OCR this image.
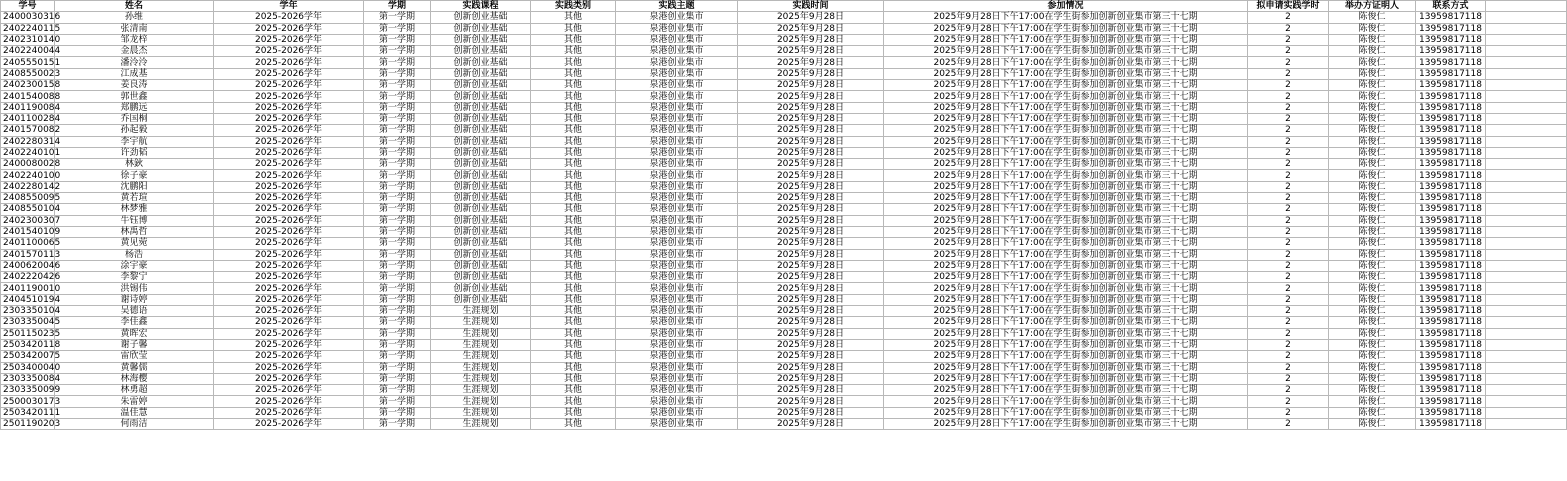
学号	姓名	学年	学期	实践课程	实践类别	实践主题	实践时间	参加情况	拟申请实践学时	举办方证明人	联系方式	
2400030316	孙维	2025-2026学年	第一学期	创新创业基础	其他	泉港创业集市	2025年9月28日	2025年9月28日下午17:00在学生街参加创新创业集市第三十七期	2	陈俊仁	13959817118	
2402240115	张清南	2025-2026学年	第一学期	创新创业基础	其他	泉港创业集市	2025年9月28日	2025年9月28日下午17:00在学生街参加创新创业集市第三十七期	2	陈俊仁	13959817118	
2402310140	邹龙梓	2025-2026学年	第一学期	创新创业基础	其他	泉港创业集市	2025年9月28日	2025年9月28日下午17:00在学生街参加创新创业集市第三十七期	2	陈俊仁	13959817118	
2402240044	金晨杰	2025-2026学年	第一学期	创新创业基础	其他	泉港创业集市	2025年9月28日	2025年9月28日下午17:00在学生街参加创新创业集市第三十七期	2	陈俊仁	13959817118	
2405550151	潘泠泠	2025-2026学年	第一学期	创新创业基础	其他	泉港创业集市	2025年9月28日	2025年9月28日下午17:00在学生街参加创新创业集市第三十七期	2	陈俊仁	13959817118	
2408550023	江成基	2025-2026学年	第一学期	创新创业基础	其他	泉港创业集市	2025年9月28日	2025年9月28日下午17:00在学生街参加创新创业集市第三十七期	2	陈俊仁	13959817118	
2402300158	姜良涛	2025-2026学年	第一学期	创新创业基础	其他	泉港创业集市	2025年9月28日	2025年9月28日下午17:00在学生街参加创新创业集市第三十七期	2	陈俊仁	13959817118	
2401540088	郭世鑫	2025-2026学年	第一学期	创新创业基础	其他	泉港创业集市	2025年9月28日	2025年9月28日下午17:00在学生街参加创新创业集市第三十七期	2	陈俊仁	13959817118	
2401190084	郑鹏远	2025-2026学年	第一学期	创新创业基础	其他	泉港创业集市	2025年9月28日	2025年9月28日下午17:00在学生街参加创新创业集市第三十七期	2	陈俊仁	13959817118	
2401100284	乔国桐	2025-2026学年	第一学期	创新创业基础	其他	泉港创业集市	2025年9月28日	2025年9月28日下午17:00在学生街参加创新创业集市第三十七期	2	陈俊仁	13959817118	
2401570082	孙起毅	2025-2026学年	第一学期	创新创业基础	其他	泉港创业集市	2025年9月28日	2025年9月28日下午17:00在学生街参加创新创业集市第三十七期	2	陈俊仁	13959817118	
2402280314	李宇航	2025-2026学年	第一学期	创新创业基础	其他	泉港创业集市	2025年9月28日	2025年9月28日下午17:00在学生街参加创新创业集市第三十七期	2	陈俊仁	13959817118	
2402240101	许劲韬	2025-2026学年	第一学期	创新创业基础	其他	泉港创业集市	2025年9月28日	2025年9月28日下午17:00在学生街参加创新创业集市第三十七期	2	陈俊仁	13959817118	
2400080028	林鈥	2025-2026学年	第一学期	创新创业基础	其他	泉港创业集市	2025年9月28日	2025年9月28日下午17:00在学生街参加创新创业集市第三十七期	2	陈俊仁	13959817118	
2402240100	徐子豪	2025-2026学年	第一学期	创新创业基础	其他	泉港创业集市	2025年9月28日	2025年9月28日下午17:00在学生街参加创新创业集市第三十七期	2	陈俊仁	13959817118	
2402280142	沈鹏阳	2025-2026学年	第一学期	创新创业基础	其他	泉港创业集市	2025年9月28日	2025年9月28日下午17:00在学生街参加创新创业集市第三十七期	2	陈俊仁	13959817118	
2408550095	黄若瑄	2025-2026学年	第一学期	创新创业基础	其他	泉港创业集市	2025年9月28日	2025年9月28日下午17:00在学生街参加创新创业集市第三十七期	2	陈俊仁	13959817118	
2408550104	林梦雅	2025-2026学年	第一学期	创新创业基础	其他	泉港创业集市	2025年9月28日	2025年9月28日下午17:00在学生街参加创新创业集市第三十七期	2	陈俊仁	13959817118	
2402300307	牛钰博	2025-2026学年	第一学期	创新创业基础	其他	泉港创业集市	2025年9月28日	2025年9月28日下午17:00在学生街参加创新创业集市第三十七期	2	陈俊仁	13959817118	
2401540109	林禹哲	2025-2026学年	第一学期	创新创业基础	其他	泉港创业集市	2025年9月28日	2025年9月28日下午17:00在学生街参加创新创业集市第三十七期	2	陈俊仁	13959817118	
2401100065	黄见菀	2025-2026学年	第一学期	创新创业基础	其他	泉港创业集市	2025年9月28日	2025年9月28日下午17:00在学生街参加创新创业集市第三十七期	2	陈俊仁	13959817118	
2401570113	杨浩	2025-2026学年	第一学期	创新创业基础	其他	泉港创业集市	2025年9月28日	2025年9月28日下午17:00在学生街参加创新创业集市第三十七期	2	陈俊仁	13959817118	
2400620046	涂宇豪	2025-2026学年	第一学期	创新创业基础	其他	泉港创业集市	2025年9月28日	2025年9月28日下午17:00在学生街参加创新创业集市第三十七期	2	陈俊仁	13959817118	
2402220426	李黎宁	2025-2026学年	第一学期	创新创业基础	其他	泉港创业集市	2025年9月28日	2025年9月28日下午17:00在学生街参加创新创业集市第三十七期	2	陈俊仁	13959817118	
2401190010	洪锡伟	2025-2026学年	第一学期	创新创业基础	其他	泉港创业集市	2025年9月28日	2025年9月28日下午17:00在学生街参加创新创业集市第三十七期	2	陈俊仁	13959817118	
2404510194	谢诗婷	2025-2026学年	第一学期	创新创业基础	其他	泉港创业集市	2025年9月28日	2025年9月28日下午17:00在学生街参加创新创业集市第三十七期	2	陈俊仁	13959817118	
2303350104	吴德语	2025-2026学年	第一学期	生涯规划	其他	泉港创业集市	2025年9月28日	2025年9月28日下午17:00在学生街参加创新创业集市第三十七期	2	陈俊仁	13959817118	
2303350045	李佳鑫	2025-2026学年	第一学期	生涯规划	其他	泉港创业集市	2025年9月28日	2025年9月28日下午17:00在学生街参加创新创业集市第三十七期	2	陈俊仁	13959817118	
2501150235	黄晖宏	2025-2026学年	第一学期	生涯规划	其他	泉港创业集市	2025年9月28日	2025年9月28日下午17:00在学生街参加创新创业集市第三十七期	2	陈俊仁	13959817118	
2503420118	谢子馨	2025-2026学年	第一学期	生涯规划	其他	泉港创业集市	2025年9月28日	2025年9月28日下午17:00在学生街参加创新创业集市第三十七期	2	陈俊仁	13959817118	
2503420075	雷欣莹	2025-2026学年	第一学期	生涯规划	其他	泉港创业集市	2025年9月28日	2025年9月28日下午17:00在学生街参加创新创业集市第三十七期	2	陈俊仁	13959817118	
2503400040	黄馨儒	2025-2026学年	第一学期	生涯规划	其他	泉港创业集市	2025年9月28日	2025年9月28日下午17:00在学生街参加创新创业集市第三十七期	2	陈俊仁	13959817118	
2303350084	林海樱	2025-2026学年	第一学期	生涯规划	其他	泉港创业集市	2025年9月28日	2025年9月28日下午17:00在学生街参加创新创业集市第三十七期	2	陈俊仁	13959817118	
2303350099	林勇超	2025-2026学年	第一学期	生涯规划	其他	泉港创业集市	2025年9月28日	2025年9月28日下午17:00在学生街参加创新创业集市第三十七期	2	陈俊仁	13959817118	
2500030173	朱雷婷	2025-2026学年	第一学期	生涯规划	其他	泉港创业集市	2025年9月28日	2025年9月28日下午17:00在学生街参加创新创业集市第三十七期	2	陈俊仁	13959817118	
2503420111	温佳慧	2025-2026学年	第一学期	生涯规划	其他	泉港创业集市	2025年9月28日	2025年9月28日下午17:00在学生街参加创新创业集市第三十七期	2	陈俊仁	13959817118	
2501190203	何雨洁	2025-2026学年	第一学期	生涯规划	其他	泉港创业集市	2025年9月28日	2025年9月28日下午17:00在学生街参加创新创业集市第三十七期	2	陈俊仁	13959817118	
